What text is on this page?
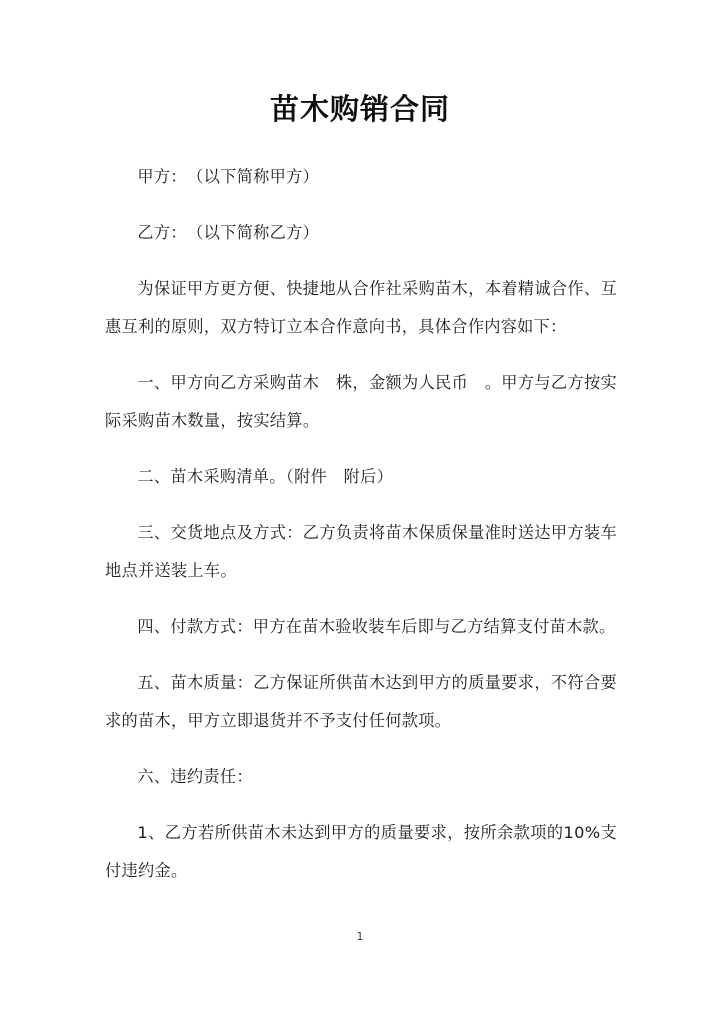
苗木购销合同

甲方：　（以下简称甲方）

乙方：　（以下简称乙方）

为保证甲方更方便、快捷地从合作社采购苗木，本着精诚合作、互惠互利的原则，双方特订立本合作意向书，具体合作内容如下：

一、甲方向乙方采购苗木　株，金额为人民币　。甲方与乙方按实际采购苗木数量，按实结算。

二、苗木采购清单。（附件　附后）

三、交货地点及方式：乙方负责将苗木保质保量准时送达甲方装车地点并送装上车。

四、付款方式：甲方在苗木验收装车后即与乙方结算支付苗木款。

五、苗木质量：乙方保证所供苗木达到甲方的质量要求，不符合要求的苗木，甲方立即退货并不予支付任何款项。

六、违约责任：

1、乙方若所供苗木未达到甲方的质量要求，按所余款项的10%支付违约金。

1
